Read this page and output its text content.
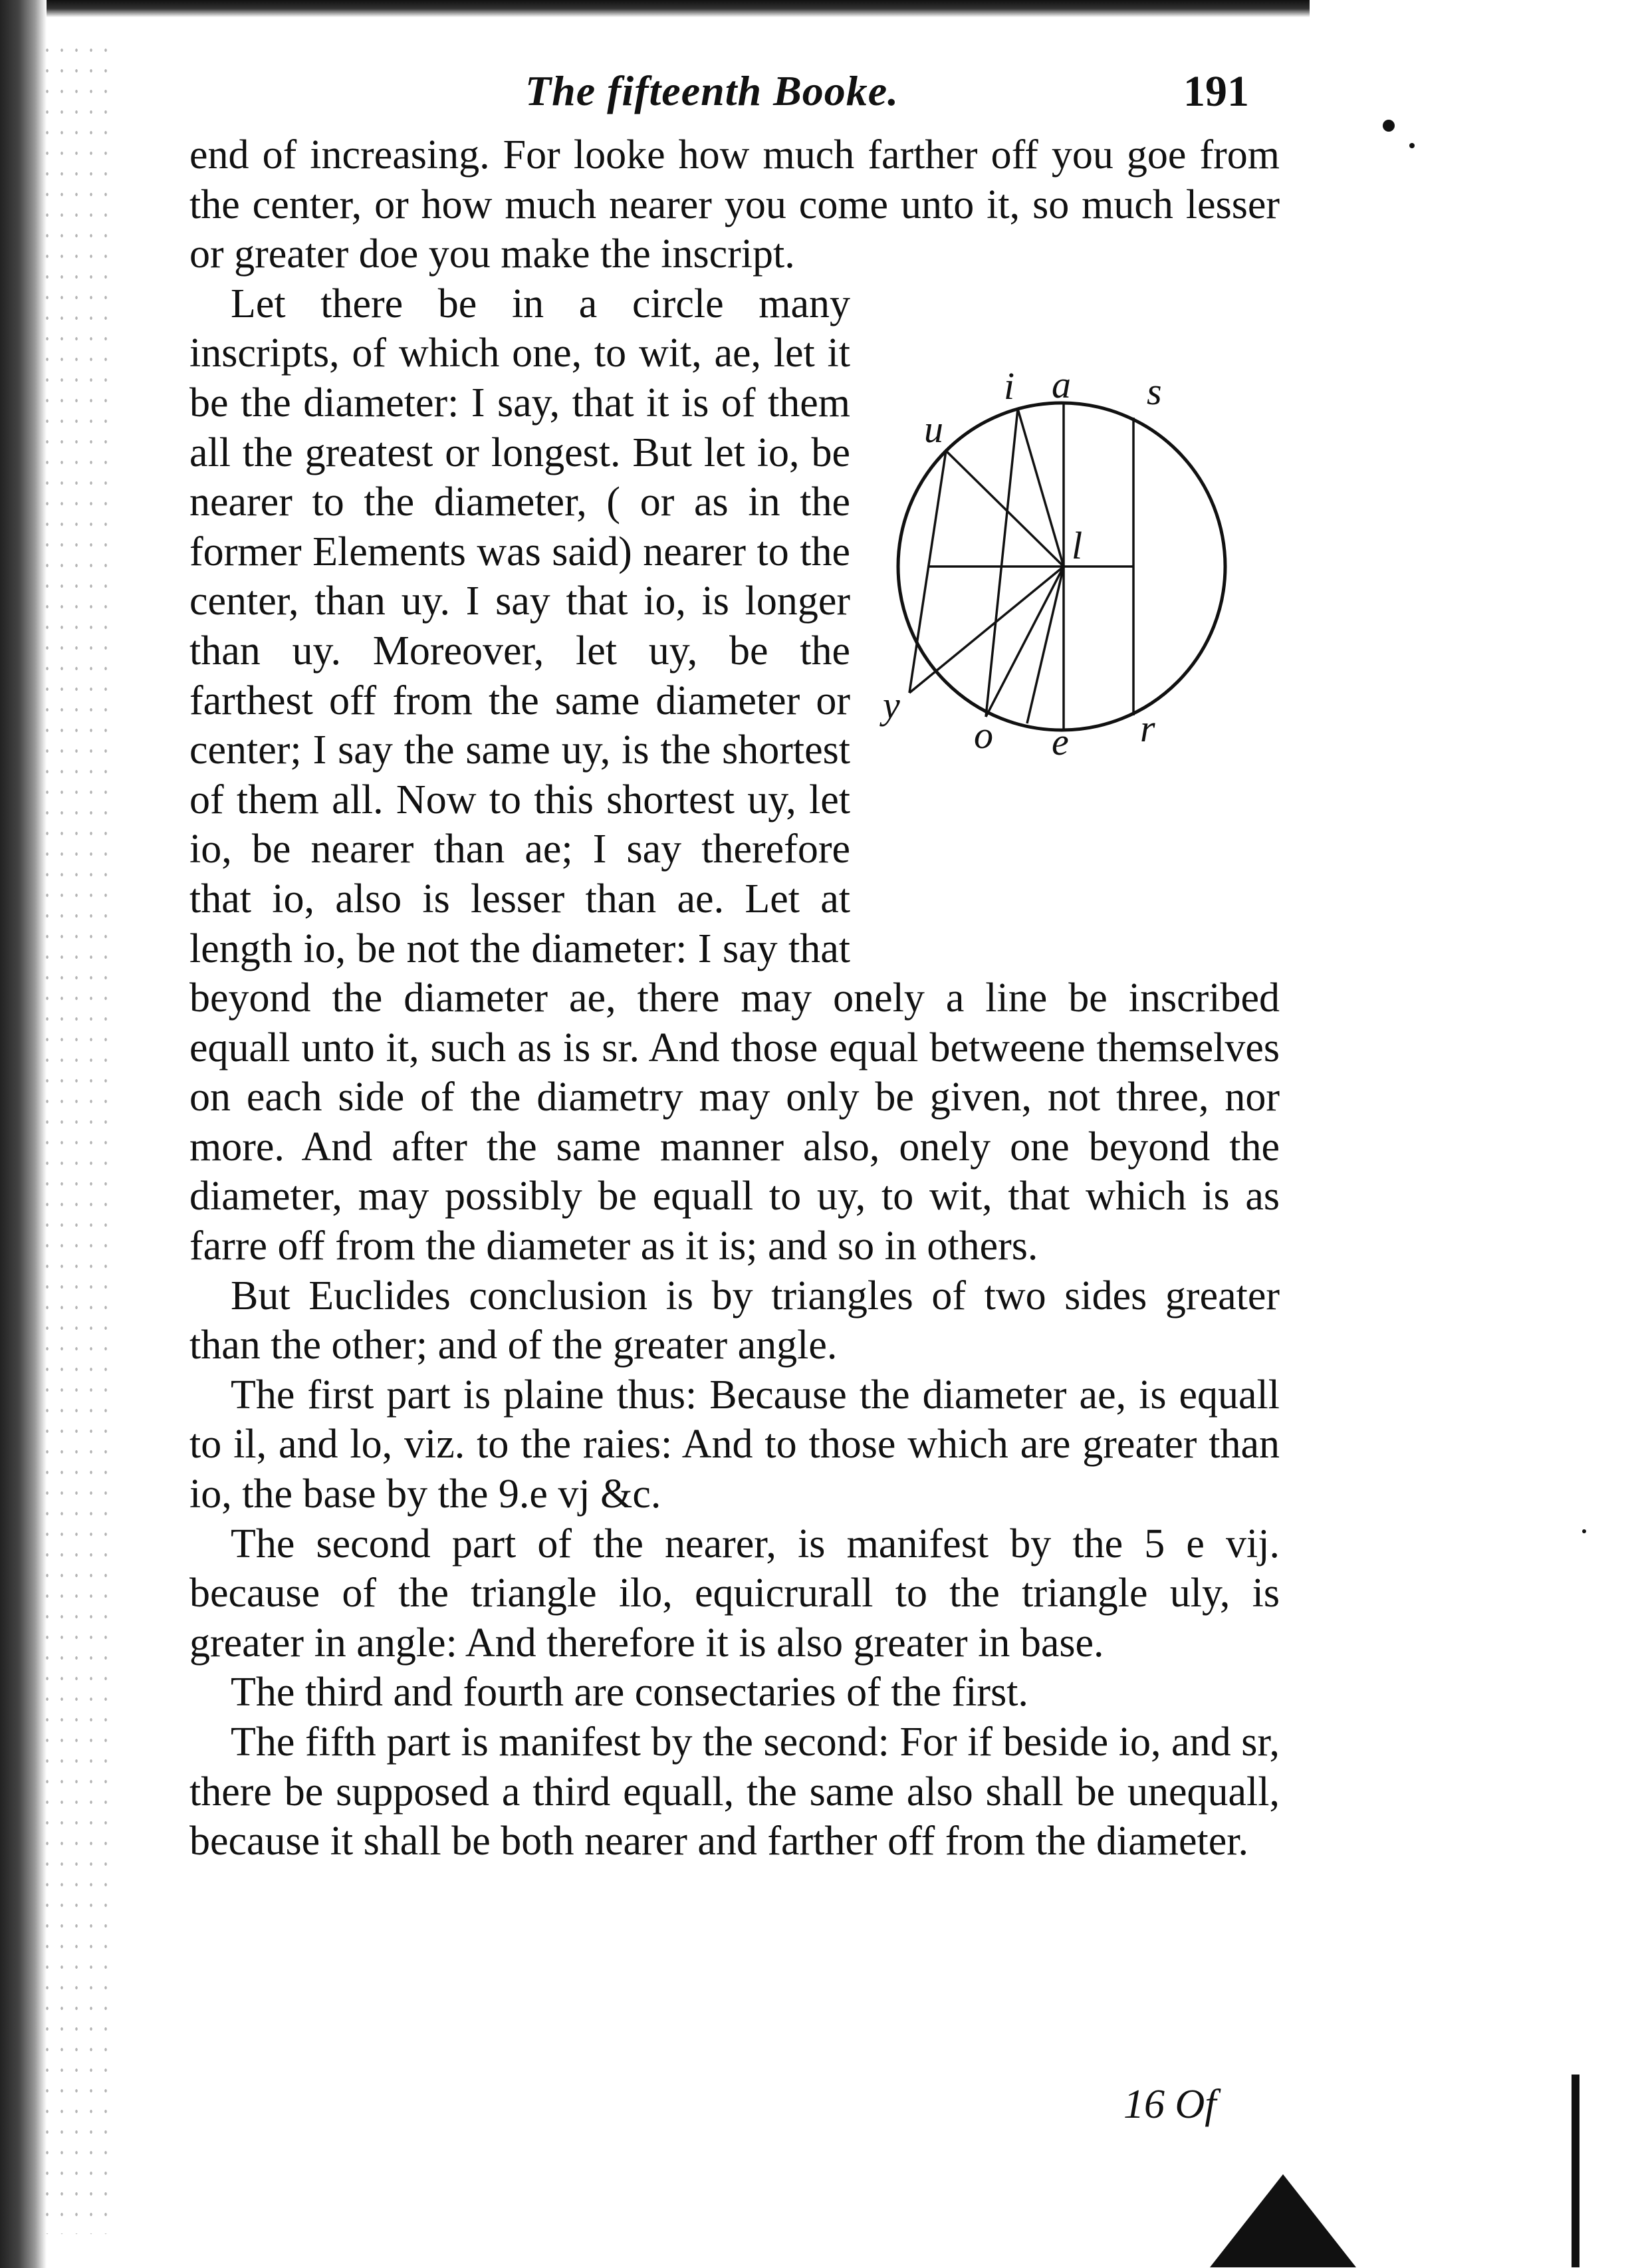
The fifteenth Booke.	191
u
i a s
l
y
o e r

end of increasing. For looke how much farther off you goe from the center, or how much nearer you come unto it, so much lesser or greater doe you make the inscript.

Let there be in a circle many inscripts, of which one, to wit, ae, let it be the diameter: I say, that it is of them all the greatest or longest. But let io, be nearer to the diameter, ( or as in the former Elements was said) nearer to the center, than uy. I say that io, is longer than uy. Moreover, let uy, be the farthest off from the same diameter or center; I say the same uy, is the shortest of them all. Now to this shortest uy, let io, be nearer than ae; I say therefore that io, also is lesser than ae. Let at length io, be not the diameter: I say that beyond the diameter ae, there may onely a line be inscribed equall unto it, such as is sr. And those equal betweene themselves on each side of the diametry may only be given, not three, nor more. And after the same manner also, onely one beyond the diameter, may possibly be equall to uy, to wit, that which is as farre off from the diameter as it is; and so in others.

But Euclides conclusion is by triangles of two sides greater than the other; and of the greater angle.

The first part is plaine thus: Because the diameter ae, is equall to il, and lo, viz. to the raies: And to those which are greater than io, the base by the 9.e vj &c.

The second part of the nearer, is manifest by the 5 e vij. because of the triangle ilo, equicrurall to the triangle uly, is greater in angle: And therefore it is also greater in base.

The third and fourth are consectaries of the first.

The fifth part is manifest by the second: For if beside io, and sr, there be supposed a third equall, the same also shall be unequall, because it shall be both nearer and farther off from the diameter.

16 Of
